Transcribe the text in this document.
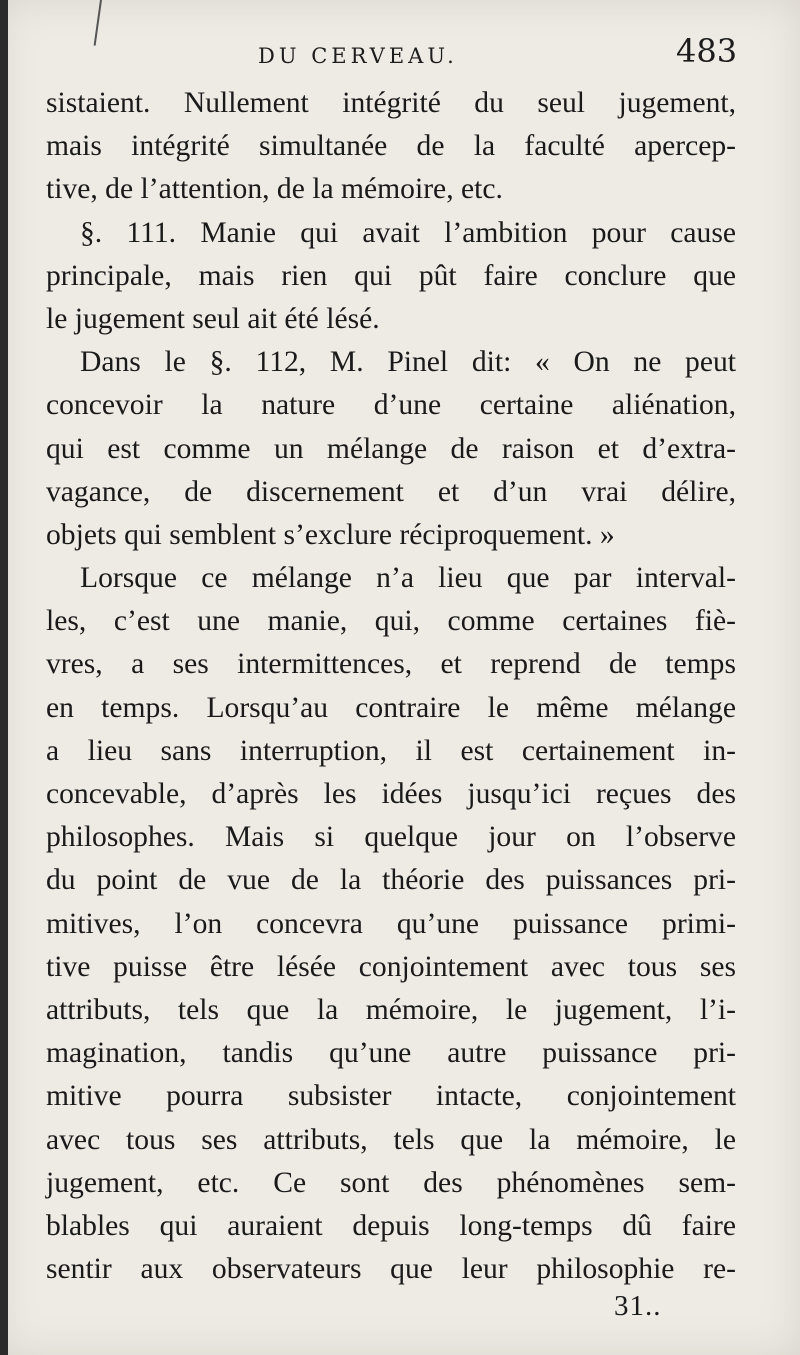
DU CERVEAU.	483
sistaient. Nullement intégrité du seul jugement,
mais intégrité simultanée de la faculté apercep-
tive, de l’attention, de la mémoire, etc.
§. 111. Manie qui avait l’ambition pour cause
principale, mais rien qui pût faire conclure que
le jugement seul ait été lésé.
Dans le §. 112, M. Pinel dit: « On ne peut
concevoir la nature d’une certaine aliénation,
qui est comme un mélange de raison et d’extra-
vagance, de discernement et d’un vrai délire,
objets qui semblent s’exclure réciproquement. »
Lorsque ce mélange n’a lieu que par interval-
les, c’est une manie, qui, comme certaines fiè-
vres, a ses intermittences, et reprend de temps
en temps. Lorsqu’au contraire le même mélange
a lieu sans interruption, il est certainement in-
concevable, d’après les idées jusqu’ici reçues des
philosophes. Mais si quelque jour on l’observe
du point de vue de la théorie des puissances pri-
mitives, l’on concevra qu’une puissance primi-
tive puisse être lésée conjointement avec tous ses
attributs, tels que la mémoire, le jugement, l’i-
magination, tandis qu’une autre puissance pri-
mitive pourra subsister intacte, conjointement
avec tous ses attributs, tels que la mémoire, le
jugement, etc. Ce sont des phénomènes sem-
blables qui auraient depuis long-temps dû faire
sentir aux observateurs que leur philosophie re-
31..
